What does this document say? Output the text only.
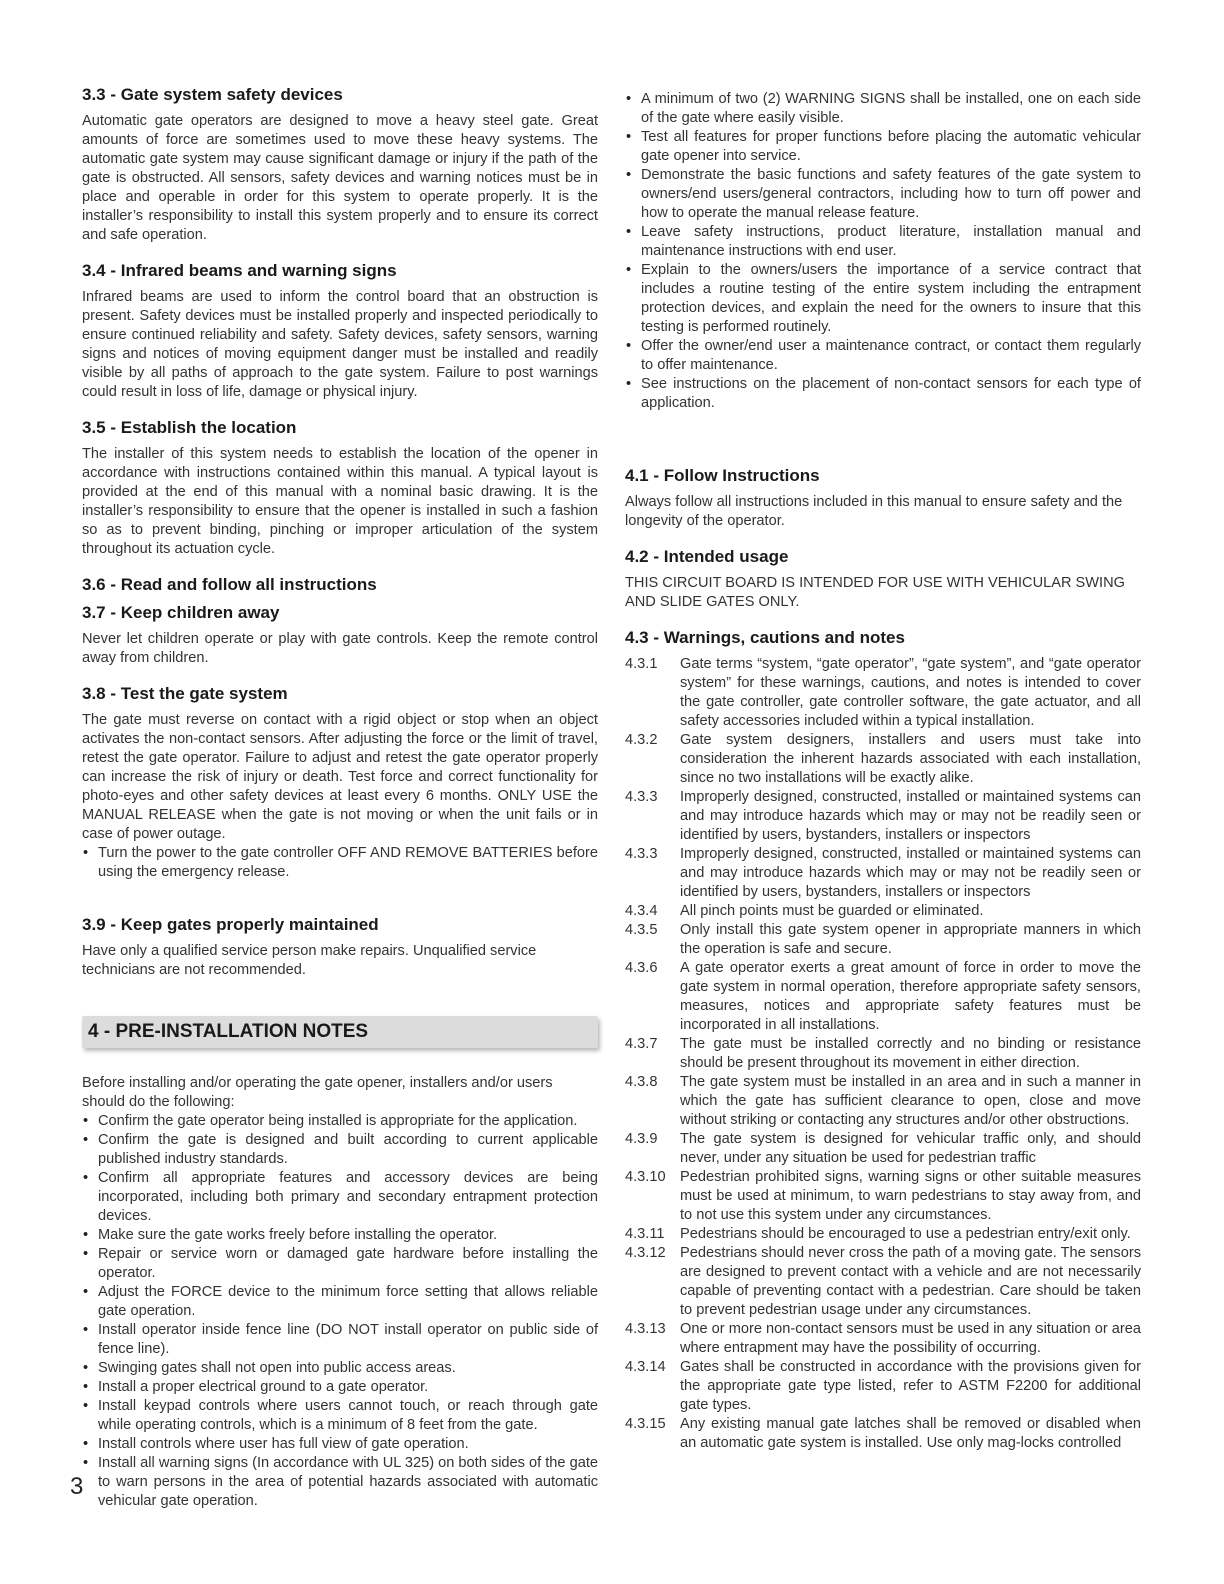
3.3 - Gate system safety devices

Automatic gate operators are designed to move a heavy steel gate. Great amounts of force are sometimes used to move these heavy systems. The automatic gate system may cause significant damage or injury if the path of the gate is obstructed. All sensors, safety devices and warning notices must be in place and operable in order for this system to operate properly. It is the installer’s responsibility to install this system properly and to ensure its correct and safe operation.

3.4 - Infrared beams and warning signs

Infrared beams are used to inform the control board that an obstruction is present. Safety devices must be installed properly and inspected periodically to ensure continued reliability and safety. Safety devices, safety sensors, warning signs and notices of moving equipment danger must be installed and readily visible by all paths of approach to the gate system. Failure to post warnings could result in loss of life, damage or physical injury.

3.5 - Establish the location

The installer of this system needs to establish the location of the opener in accordance with instructions contained within this manual. A typical layout is provided at the end of this manual with a nominal basic drawing. It is the installer’s responsibility to ensure that the opener is installed in such a fashion so as to prevent binding, pinching or improper articulation of the system throughout its actuation cycle.

3.6 - Read and follow all instructions
3.7 - Keep children away

Never let children operate or play with gate controls. Keep the remote control away from children.

3.8 - Test the gate system

The gate must reverse on contact with a rigid object or stop when an object activates the non-contact sensors. After adjusting the force or the limit of travel, retest the gate operator. Failure to adjust and retest the gate operator properly can increase the risk of injury or death. Test force and correct functionality for photo-eyes and other safety devices at least every 6 months. ONLY USE the MANUAL RELEASE when the gate is not moving or when the unit fails or in case of power outage.

• Turn the power to the gate controller OFF AND REMOVE BATTERIES before using the emergency release.
3.9 - Keep gates properly maintained

Have only a qualified service person make repairs. Unqualified service technicians are not recommended.

4 - PRE-INSTALLATION NOTES

Before installing and/or operating the gate opener, installers and/or users should do the following:

• Confirm the gate operator being installed is appropriate for the application.
• Confirm the gate is designed and built according to current applicable published industry standards.
• Confirm all appropriate features and accessory devices are being incorporated, including both primary and secondary entrapment protection devices.
• Make sure the gate works freely before installing the operator.
• Repair or service worn or damaged gate hardware before installing the operator.
• Adjust the FORCE device to the minimum force setting that allows reliable gate operation.
• Install operator inside fence line (DO NOT install operator on public side of fence line).
• Swinging gates shall not open into public access areas.
• Install a proper electrical ground to a gate operator.
• Install keypad controls where users cannot touch, or reach through gate while operating controls, which is a minimum of 8 feet from the gate.
• Install controls where user has full view of gate operation.
• Install all warning signs (In accordance with UL 325) on both sides of the gate to warn persons in the area of potential hazards associated with automatic vehicular gate operation.
• A minimum of two (2) WARNING SIGNS shall be installed, one on each side of the gate where easily visible.
• Test all features for proper functions before placing the automatic vehicular gate opener into service.
• Demonstrate the basic functions and safety features of the gate system to owners/end users/general contractors, including how to turn off power and how to operate the manual release feature.
• Leave safety instructions, product literature, installation manual and maintenance instructions with end user.
• Explain to the owners/users the importance of a service contract that includes a routine testing of the entire system including the entrapment protection devices, and explain the need for the owners to insure that this testing is performed routinely.
• Offer the owner/end user a maintenance contract, or contact them regularly to offer maintenance.
• See instructions on the placement of non-contact sensors for each type of application.
4.1 - Follow Instructions

Always follow all instructions included in this manual to ensure safety and the longevity of the operator.

4.2 - Intended usage

THIS CIRCUIT BOARD IS INTENDED FOR USE WITH VEHICULAR SWING AND SLIDE GATES ONLY.

4.3 - Warnings, cautions and notes
4.3.1	Gate terms “system, “gate operator”, “gate system”, and “gate operator system” for these warnings, cautions, and notes is intended to cover the gate controller, gate controller software, the gate actuator, and all safety accessories included within a typical installation.
4.3.2	Gate system designers, installers and users must take into consideration the inherent hazards associated with each installation, since no two installations will be exactly alike.
4.3.3	Improperly designed, constructed, installed or maintained systems can and may introduce hazards which may or may not be readily seen or identified by users, bystanders, installers or inspectors
4.3.3	Improperly designed, constructed, installed or maintained systems can and may introduce hazards which may or may not be readily seen or identified by users, bystanders, installers or inspectors
4.3.4	All pinch points must be guarded or eliminated.
4.3.5	Only install this gate system opener in appropriate manners in which the operation is safe and secure.
4.3.6	A gate operator exerts a great amount of force in order to move the gate system in normal operation, therefore appropriate safety sensors, measures, notices and appropriate safety features must be incorporated in all installations.
4.3.7	The gate must be installed correctly and no binding or resistance should be present throughout its movement in either direction.
4.3.8	The gate system must be installed in an area and in such a manner in which the gate has sufficient clearance to open, close and move without striking or contacting any structures and/or other obstructions.
4.3.9	The gate system is designed for vehicular traffic only, and should never, under any situation be used for pedestrian traffic
4.3.10 Pedestrian prohibited signs, warning signs or other suitable measures must be used at minimum, to warn pedestrians to stay away from, and to not use this system under any circumstances.
4.3.11	Pedestrians should be encouraged to use a pedestrian entry/exit only.
4.3.12 Pedestrians should never cross the path of a moving gate. The sensors are designed to prevent contact with a vehicle and are not necessarily capable of preventing contact with a pedestrian. Care should be taken to prevent pedestrian usage under any circumstances.
4.3.13 One or more non-contact sensors must be used in any situation or area where entrapment may have the possibility of occurring.
4.3.14 Gates shall be constructed in accordance with the provisions given for the appropriate gate type listed, refer to ASTM F2200 for additional gate types.
4.3.15 Any existing manual gate latches shall be removed or disabled when an automatic gate system is installed. Use only mag-locks controlled
3
